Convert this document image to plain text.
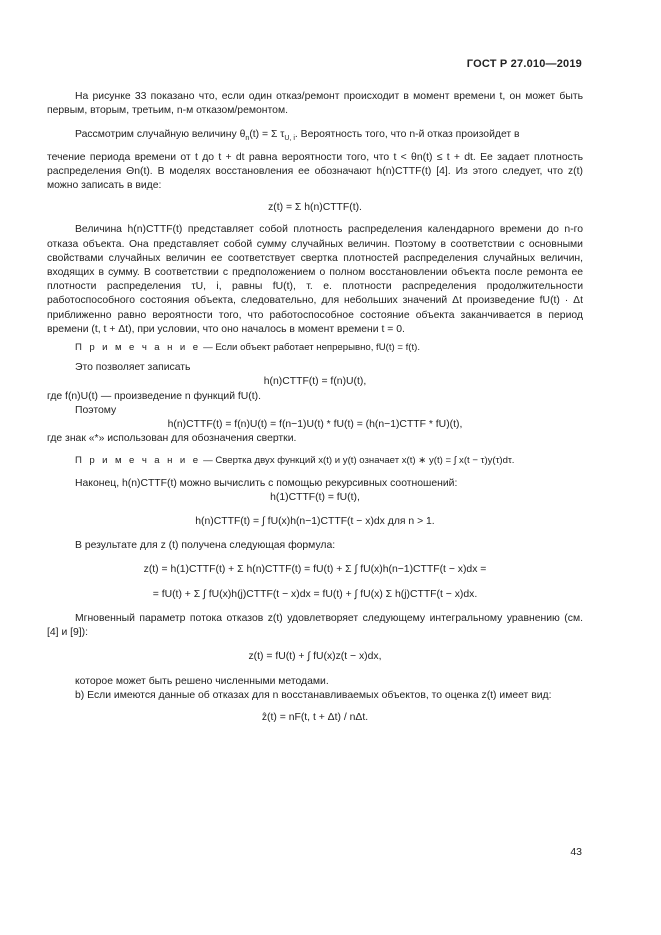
ГОСТ Р 27.010—2019

На рисунке 33 показано что, если один отказ/ремонт происходит в момент времени t, он может быть первым, вторым, третьим, n-м отказом/ремонтом.

Рассмотрим случайную величину $\theta_n(t) = \Sigma$ $\tau_{U, i}$. Вероятность того, что n-й отказ произойдет в

течение периода времени от t до t + dt равна вероятности того, что t < θn(t) ≤ t + dt. Ее задает плотность распределения Θn(t). В моделях восстановления ее обозначают h(n)CTTF(t) [4]. Из этого следует, что z(t) можно записать в виде:

z(t) = Σ h(n)CTTF(t).

Величина h(n)CTTF(t) представляет собой плотность распределения календарного времени до n-го отказа объекта. Она представляет собой сумму случайных величин. Поэтому в соответствии с основными свойствами случайных величин ее соответствует свертка плотностей распределения случайных величин, входящих в сумму. В соответствии с предположением о полном восстановлении объекта после ремонта ее плотности распределения τU, i, равны fU(t), т. е. плотности распределения продолжительности работоспособного состояния объекта, следовательно, для небольших значений Δt произведение fU(t) · Δt приближенно равно вероятности того, что работоспособное состояние объекта заканчивается в период времени (t, t + Δt), при условии, что оно началось в момент времени t = 0.

П р и м е ч а н и е — Если объект работает непрерывно, fU(t) = f(t).

Это позволяет записать

h(n)CTTF(t) = f(n)U(t),

где f(n)U(t) — произведение n функций fU(t).

Поэтому

h(n)CTTF(t) = f(n)U(t) = f(n−1)U(t) * fU(t) = (h(n−1)CTTF * fU)(t),

где знак «*» использован для обозначения свертки.

П р и м е ч а н и е — Свертка двух функций x(t) и y(t) означает x(t) ∗ y(t) = ∫ x(t − τ)y(τ)dτ.

Наконец, h(n)CTTF(t) можно вычислить с помощью рекурсивных соотношений:

h(1)CTTF(t) = fU(t),

h(n)CTTF(t) = ∫ fU(x)h(n−1)CTTF(t − x)dx для n > 1.

В результате для z (t) получена следующая формула:

z(t) = h(1)CTTF(t) + Σ h(n)CTTF(t) = fU(t) + Σ ∫ fU(x)h(n−1)CTTF(t − x)dx =

= fU(t) + Σ ∫ fU(x)h(j)CTTF(t − x)dx = fU(t) + ∫ fU(x) Σ h(j)CTTF(t − x)dx.

Мгновенный параметр потока отказов z(t) удовлетворяет следующему интегральному уравнению (см. [4] и [9]):

z(t) = fU(t) + ∫ fU(x)z(t − x)dx,

которое может быть решено численными методами.

b) Если имеются данные об отказах для n восстанавливаемых объектов, то оценка z(t) имеет вид:

ẑ(t) = nF(t, t + Δt) / nΔt.

43
